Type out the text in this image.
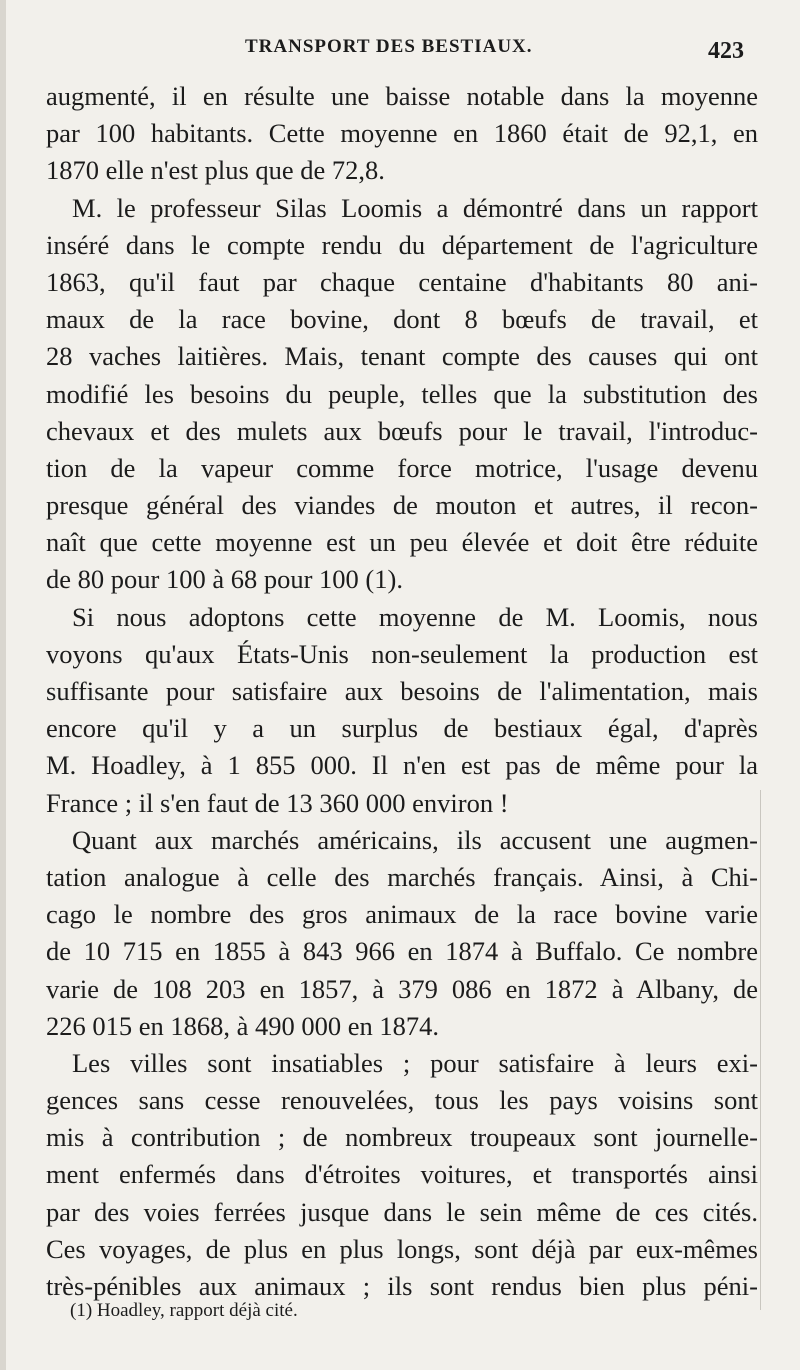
TRANSPORT DES BESTIAUX.	423
augmenté, il en résulte une baisse notable dans la moyenne
par 100 habitants. Cette moyenne en 1860 était de 92,1, en
1870 elle n'est plus que de 72,8.
M. le professeur Silas Loomis a démontré dans un rapport
inséré dans le compte rendu du département de l'agriculture
1863, qu'il faut par chaque centaine d'habitants 80 ani-
maux de la race bovine, dont 8 bœufs de travail, et
28 vaches laitières. Mais, tenant compte des causes qui ont
modifié les besoins du peuple, telles que la substitution des
chevaux et des mulets aux bœufs pour le travail, l'introduc-
tion de la vapeur comme force motrice, l'usage devenu
presque général des viandes de mouton et autres, il recon-
naît que cette moyenne est un peu élevée et doit être réduite
de 80 pour 100 à 68 pour 100 (1).
Si nous adoptons cette moyenne de M. Loomis, nous
voyons qu'aux États-Unis non-seulement la production est
suffisante pour satisfaire aux besoins de l'alimentation, mais
encore qu'il y a un surplus de bestiaux égal, d'après
M. Hoadley, à 1 855 000. Il n'en est pas de même pour la
France ; il s'en faut de 13 360 000 environ !
Quant aux marchés américains, ils accusent une augmen-
tation analogue à celle des marchés français. Ainsi, à Chi-
cago le nombre des gros animaux de la race bovine varie
de 10 715 en 1855 à 843 966 en 1874 à Buffalo. Ce nombre
varie de 108 203 en 1857, à 379 086 en 1872 à Albany, de
226 015 en 1868, à 490 000 en 1874.
Les villes sont insatiables ; pour satisfaire à leurs exi-
gences sans cesse renouvelées, tous les pays voisins sont
mis à contribution ; de nombreux troupeaux sont journelle-
ment enfermés dans d'étroites voitures, et transportés ainsi
par des voies ferrées jusque dans le sein même de ces cités.
Ces voyages, de plus en plus longs, sont déjà par eux-mêmes
très-pénibles aux animaux ; ils sont rendus bien plus péni-
(1) Hoadley, rapport déjà cité.
